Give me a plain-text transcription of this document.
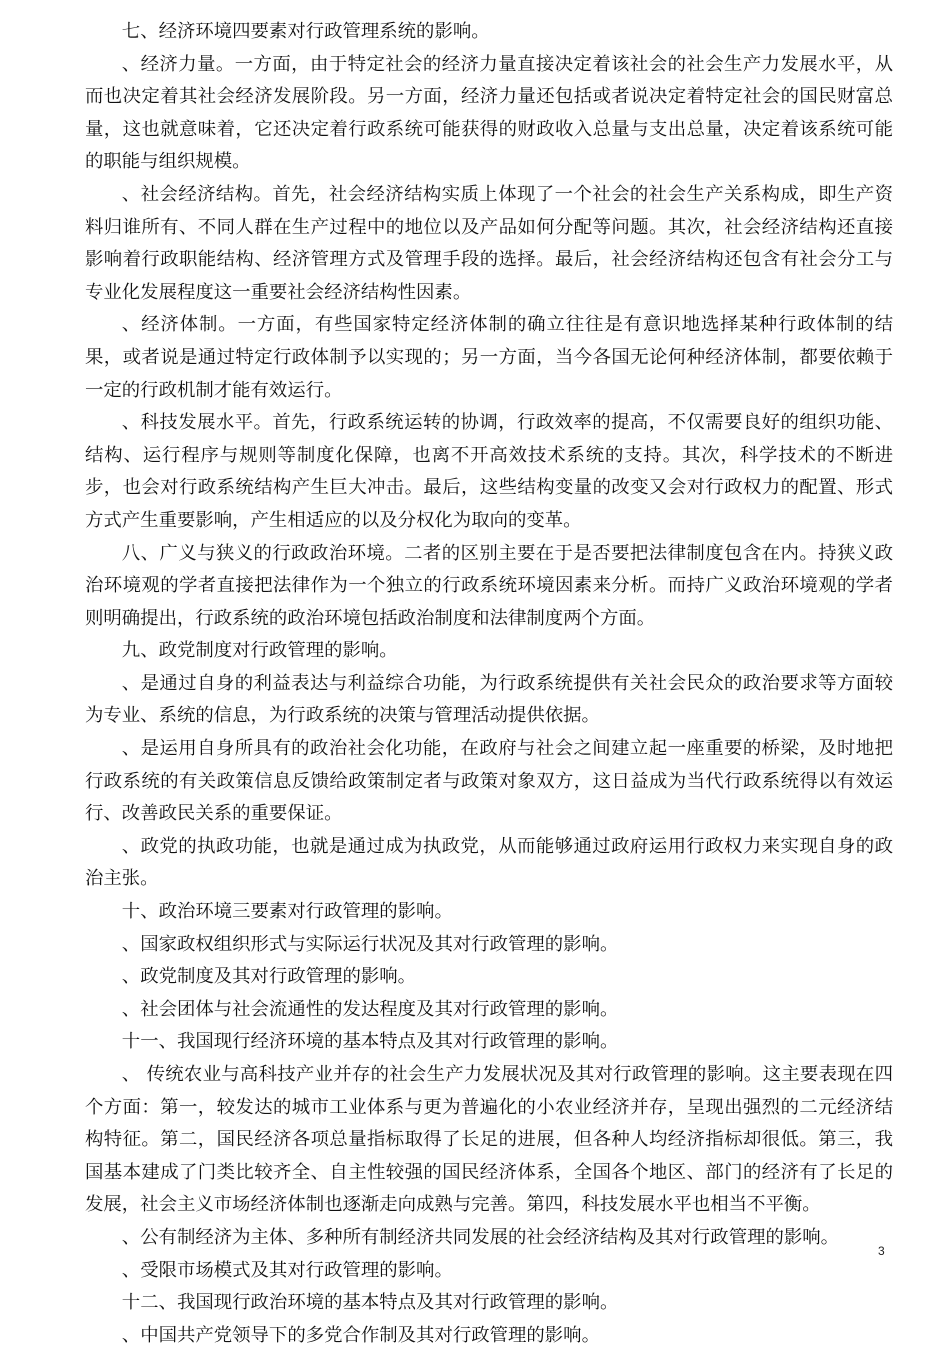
七、经济环境四要素对行政管理系统的影响。

、经济力量。一方面，由于特定社会的经济力量直接决定着该社会的社会生产力发展水平，从而也决定着其社会经济发展阶段。另一方面，经济力量还包括或者说决定着特定社会的国民财富总量，这也就意味着，它还决定着行政系统可能获得的财政收入总量与支出总量，决定着该系统可能的职能与组织规模。

、社会经济结构。首先，社会经济结构实质上体现了一个社会的社会生产关系构成，即生产资料归谁所有、不同人群在生产过程中的地位以及产品如何分配等问题。其次，社会经济结构还直接影响着行政职能结构、经济管理方式及管理手段的选择。最后，社会经济结构还包含有社会分工与专业化发展程度这一重要社会经济结构性因素。

、经济体制。一方面，有些国家特定经济体制的确立往往是有意识地选择某种行政体制的结果，或者说是通过特定行政体制予以实现的；另一方面，当今各国无论何种经济体制，都要依赖于一定的行政机制才能有效运行。

、科技发展水平。首先，行政系统运转的协调，行政效率的提高，不仅需要良好的组织功能、结构、运行程序与规则等制度化保障，也离不开高效技术系统的支持。其次，科学技术的不断进步，也会对行政系统结构产生巨大冲击。最后，这些结构变量的改变又会对行政权力的配置、形式方式产生重要影响，产生相适应的以及分权化为取向的变革。

八、广义与狭义的行政政治环境。二者的区别主要在于是否要把法律制度包含在内。持狭义政治环境观的学者直接把法律作为一个独立的行政系统环境因素来分析。而持广义政治环境观的学者则明确提出，行政系统的政治环境包括政治制度和法律制度两个方面。

九、政党制度对行政管理的影响。

、是通过自身的利益表达与利益综合功能，为行政系统提供有关社会民众的政治要求等方面较为专业、系统的信息，为行政系统的决策与管理活动提供依据。

、是运用自身所具有的政治社会化功能，在政府与社会之间建立起一座重要的桥梁，及时地把行政系统的有关政策信息反馈给政策制定者与政策对象双方，这日益成为当代行政系统得以有效运行、改善政民关系的重要保证。

、政党的执政功能，也就是通过成为执政党，从而能够通过政府运用行政权力来实现自身的政治主张。

十、政治环境三要素对行政管理的影响。

、国家政权组织形式与实际运行状况及其对行政管理的影响。

、政党制度及其对行政管理的影响。

、社会团体与社会流通性的发达程度及其对行政管理的影响。

十一、我国现行经济环境的基本特点及其对行政管理的影响。

、 传统农业与高科技产业并存的社会生产力发展状况及其对行政管理的影响。这主要表现在四个方面：第一，较发达的城市工业体系与更为普遍化的小农业经济并存，呈现出强烈的二元经济结构特征。第二，国民经济各项总量指标取得了长足的进展，但各种人均经济指标却很低。第三，我国基本建成了门类比较齐全、自主性较强的国民经济体系，全国各个地区、部门的经济有了长足的发展，社会主义市场经济体制也逐渐走向成熟与完善。第四，科技发展水平也相当不平衡。

、公有制经济为主体、多种所有制经济共同发展的社会经济结构及其对行政管理的影响。

、受限市场模式及其对行政管理的影响。

十二、我国现行政治环境的基本特点及其对行政管理的影响。

、中国共产党领导下的多党合作制及其对行政管理的影响。

3
